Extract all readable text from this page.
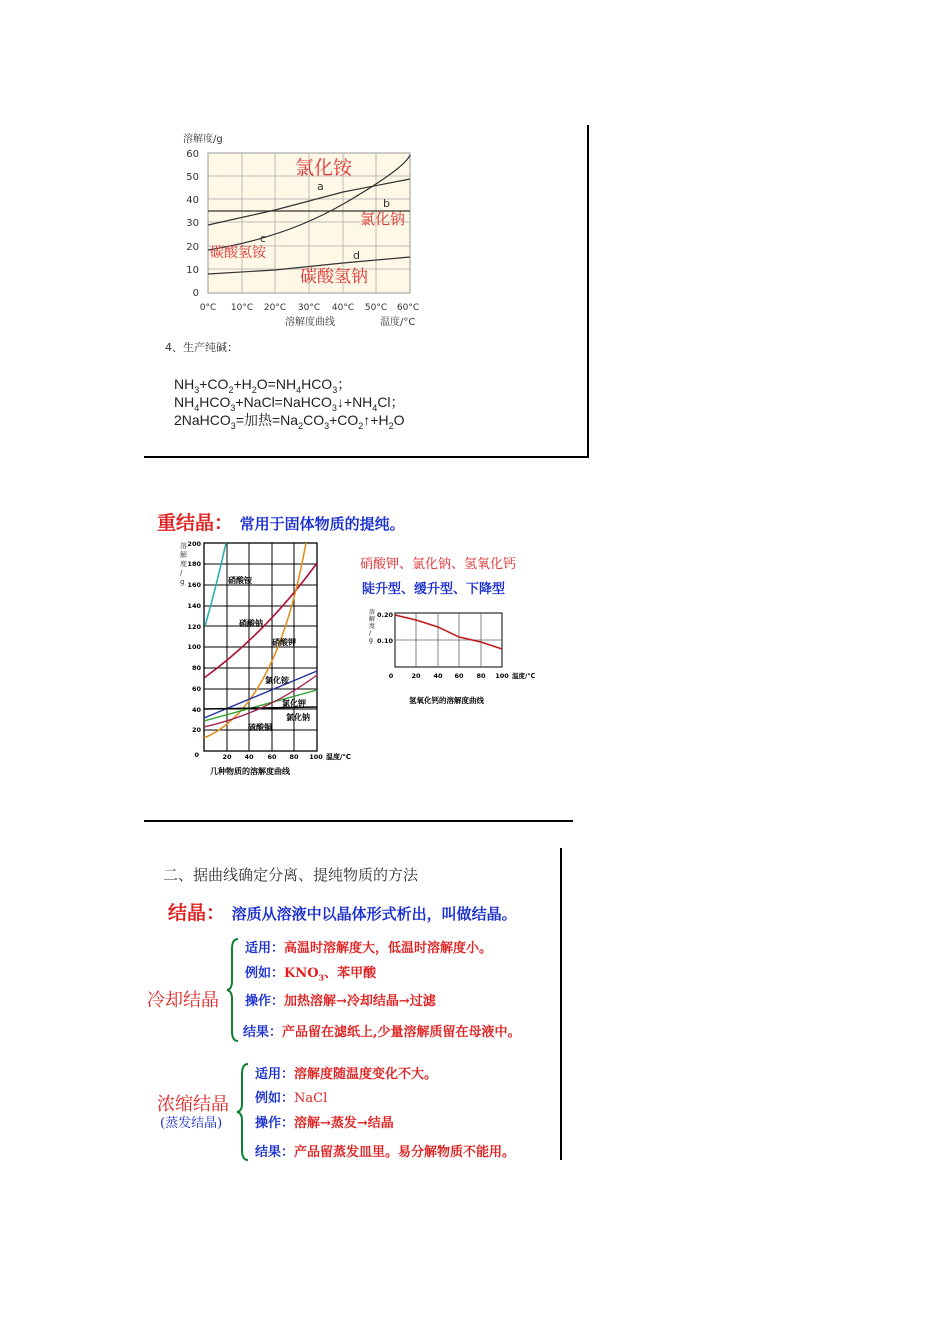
溶解度/g
60
50
40
30
20
10
0
0°C 10°C 20°C 30°C 40°C 50°C 60°C
溶解度曲线	温度/°C
a
b
c
d
氯化铵
氯化钠
碳酸氢铵
碳酸氢钠
4、生产纯碱：
$NH_3+CO_2+H_2O=NH_4HCO_3$；
$NH_4HCO_3+NaCl=NaHCO_3↓+NH_4Cl$；
2NaHCO$_3$=加热$=Na_2CO_3+CO_2↑+H_2O$
重结晶： 常用于固体物质的提纯。
溶解度/ g
200
180
160
140
120
100
80
60
40
20
0	20 40 60 80 100 温度/℃
几种物质的溶解度曲线
硝酸铵
硝酸钠
硝酸钾
氯化铵
氯化钾
氯化钠
硫酸铜
硝酸钾、氯化钠、氢氧化钙
陡升型、缓升型、下降型
溶解度/ g
0.20
0.10
0	20 40 60 80 100 温度/℃
氢氧化钙的溶解度曲线
二、据曲线确定分离、提纯物质的方法
结晶： 溶质从溶液中以晶体形式析出，叫做结晶。
冷却结晶
适用：高温时溶解度大，低温时溶解度小。
例如：$KNO_3$、苯甲酸
操作：加热溶解→冷却结晶→过滤
结果：产品留在滤纸上,少量溶解质留在母液中。
浓缩结晶
(蒸发结晶)
适用：溶解度随温度变化不大。
例如：NaCl
操作：溶解→蒸发→结晶
结果：产品留蒸发皿里。易分解物质不能用。
